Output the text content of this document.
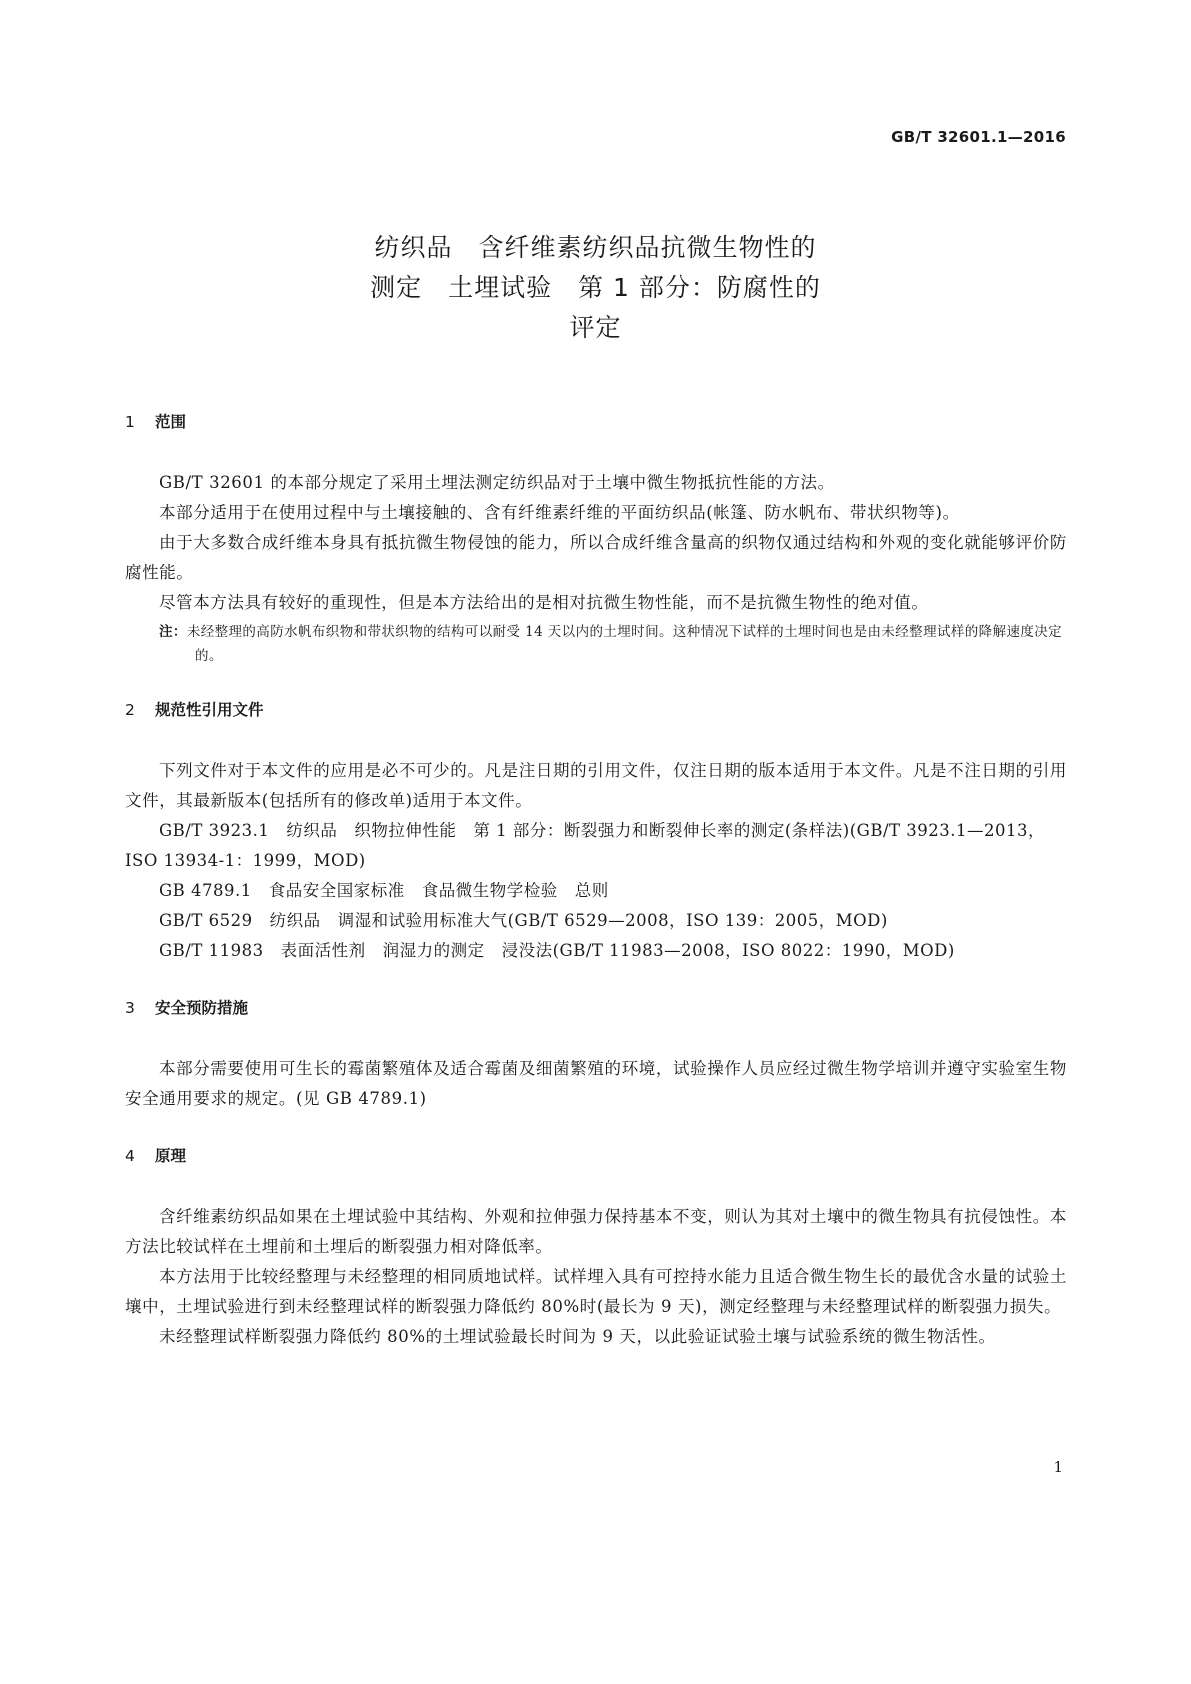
GB/T 32601.1—2016
纺织品　含纤维素纺织品抗微生物性的
测定　土埋试验　第 1 部分：防腐性的
评定
1 范围

GB/T 32601 的本部分规定了采用土埋法测定纺织品对于土壤中微生物抵抗性能的方法。

本部分适用于在使用过程中与土壤接触的、含有纤维素纤维的平面纺织品(帐篷、防水帆布、带状织物等)。

由于大多数合成纤维本身具有抵抗微生物侵蚀的能力，所以合成纤维含量高的织物仅通过结构和外观的变化就能够评价防腐性能。

尽管本方法具有较好的重现性，但是本方法给出的是相对抗微生物性能，而不是抗微生物性的绝对值。

注：未经整理的高防水帆布织物和带状织物的结构可以耐受 14 天以内的土埋时间。这种情况下试样的土埋时间也是由未经整理试样的降解速度决定的。

2 规范性引用文件

下列文件对于本文件的应用是必不可少的。凡是注日期的引用文件，仅注日期的版本适用于本文件。凡是不注日期的引用文件，其最新版本(包括所有的修改单)适用于本文件。

GB/T 3923.1　纺织品　织物拉伸性能　第 1 部分：断裂强力和断裂伸长率的测定(条样法)(GB/T 3923.1—2013，ISO 13934-1：1999，MOD)

GB 4789.1　食品安全国家标准　食品微生物学检验　总则

GB/T 6529　纺织品　调湿和试验用标准大气(GB/T 6529—2008，ISO 139：2005，MOD)

GB/T 11983　表面活性剂　润湿力的测定　浸没法(GB/T 11983—2008，ISO 8022：1990，MOD)

3 安全预防措施

本部分需要使用可生长的霉菌繁殖体及适合霉菌及细菌繁殖的环境，试验操作人员应经过微生物学培训并遵守实验室生物安全通用要求的规定。(见 GB 4789.1)

4 原理

含纤维素纺织品如果在土埋试验中其结构、外观和拉伸强力保持基本不变，则认为其对土壤中的微生物具有抗侵蚀性。本方法比较试样在土埋前和土埋后的断裂强力相对降低率。

本方法用于比较经整理与未经整理的相同质地试样。试样埋入具有可控持水能力且适合微生物生长的最优含水量的试验土壤中，土埋试验进行到未经整理试样的断裂强力降低约 80%时(最长为 9 天)，测定经整理与未经整理试样的断裂强力损失。

未经整理试样断裂强力降低约 80%的土埋试验最长时间为 9 天，以此验证试验土壤与试验系统的微生物活性。

1
